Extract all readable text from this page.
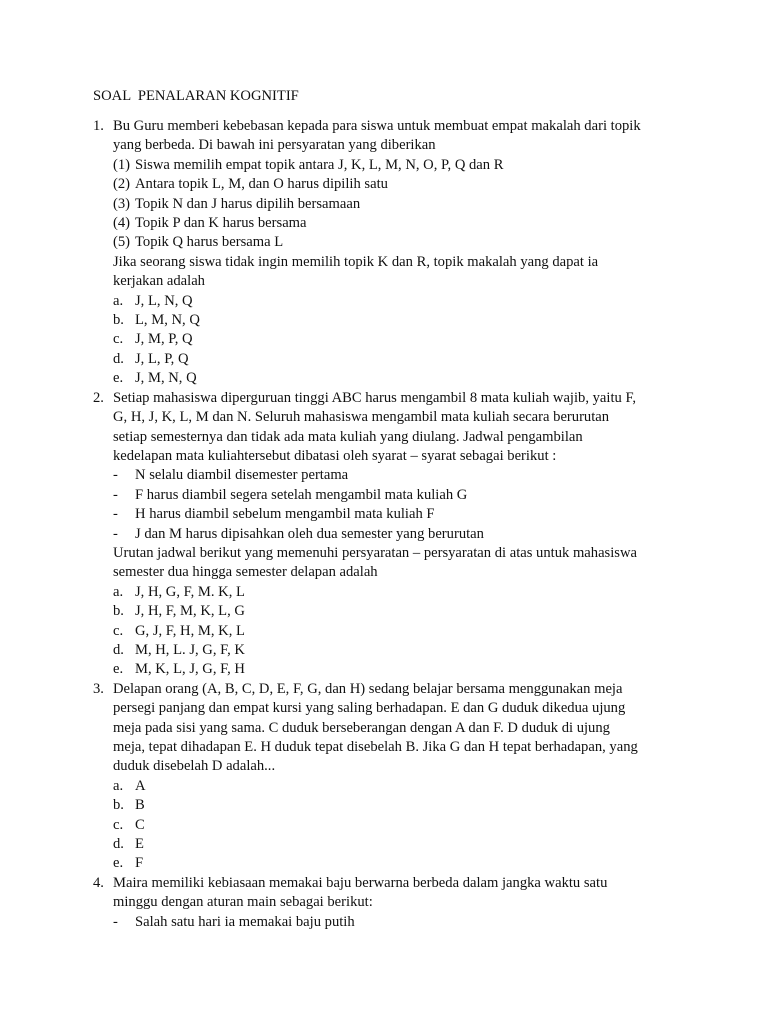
SOAL  PENALARAN KOGNITIF
1. Bu Guru memberi kebebasan kepada para siswa untuk membuat empat makalah dari topik
yang berbeda. Di bawah ini persyaratan yang diberikan
(1) Siswa memilih empat topik antara J, K, L, M, N, O, P, Q dan R
(2) Antara topik L, M, dan O harus dipilih satu
(3) Topik N dan J harus dipilih bersamaan
(4) Topik P dan K harus bersama
(5) Topik Q harus bersama L
Jika seorang siswa tidak ingin memilih topik K dan R, topik makalah yang dapat ia
kerjakan adalah
a. J, L, N, Q
b. L, M, N, Q
c. J, M, P, Q
d. J, L, P, Q
e. J, M, N, Q
2. Setiap mahasiswa diperguruan tinggi ABC harus mengambil 8 mata kuliah wajib, yaitu F,
G, H, J, K, L, M dan N. Seluruh mahasiswa mengambil mata kuliah secara berurutan
setiap semesternya dan tidak ada mata kuliah yang diulang. Jadwal pengambilan
kedelapan mata kuliahtersebut dibatasi oleh syarat – syarat sebagai berikut :
-	N selalu diambil disemester pertama
-	F harus diambil segera setelah mengambil mata kuliah G
-	H harus diambil sebelum mengambil mata kuliah F
-	J dan M harus dipisahkan oleh dua semester yang berurutan
Urutan jadwal berikut yang memenuhi persyaratan – persyaratan di atas untuk mahasiswa
semester dua hingga semester delapan adalah
a. J, H, G, F, M. K, L
b. J, H, F, M, K, L, G
c. G, J, F, H, M, K, L
d. M, H, L. J, G, F, K
e. M, K, L, J, G, F, H
3. Delapan orang (A, B, C, D, E, F, G, dan H) sedang belajar bersama menggunakan meja
persegi panjang dan empat kursi yang saling berhadapan. E dan G duduk dikedua ujung
meja pada sisi yang sama. C duduk berseberangan dengan A dan F. D duduk di ujung
meja, tepat dihadapan E. H duduk tepat disebelah B. Jika G dan H tepat berhadapan, yang
duduk disebelah D adalah...
a. A
b. B
c. C
d. E
e. F
4. Maira memiliki kebiasaan memakai baju berwarna berbeda dalam jangka waktu satu
minggu dengan aturan main sebagai berikut:
-	Salah satu hari ia memakai baju putih
